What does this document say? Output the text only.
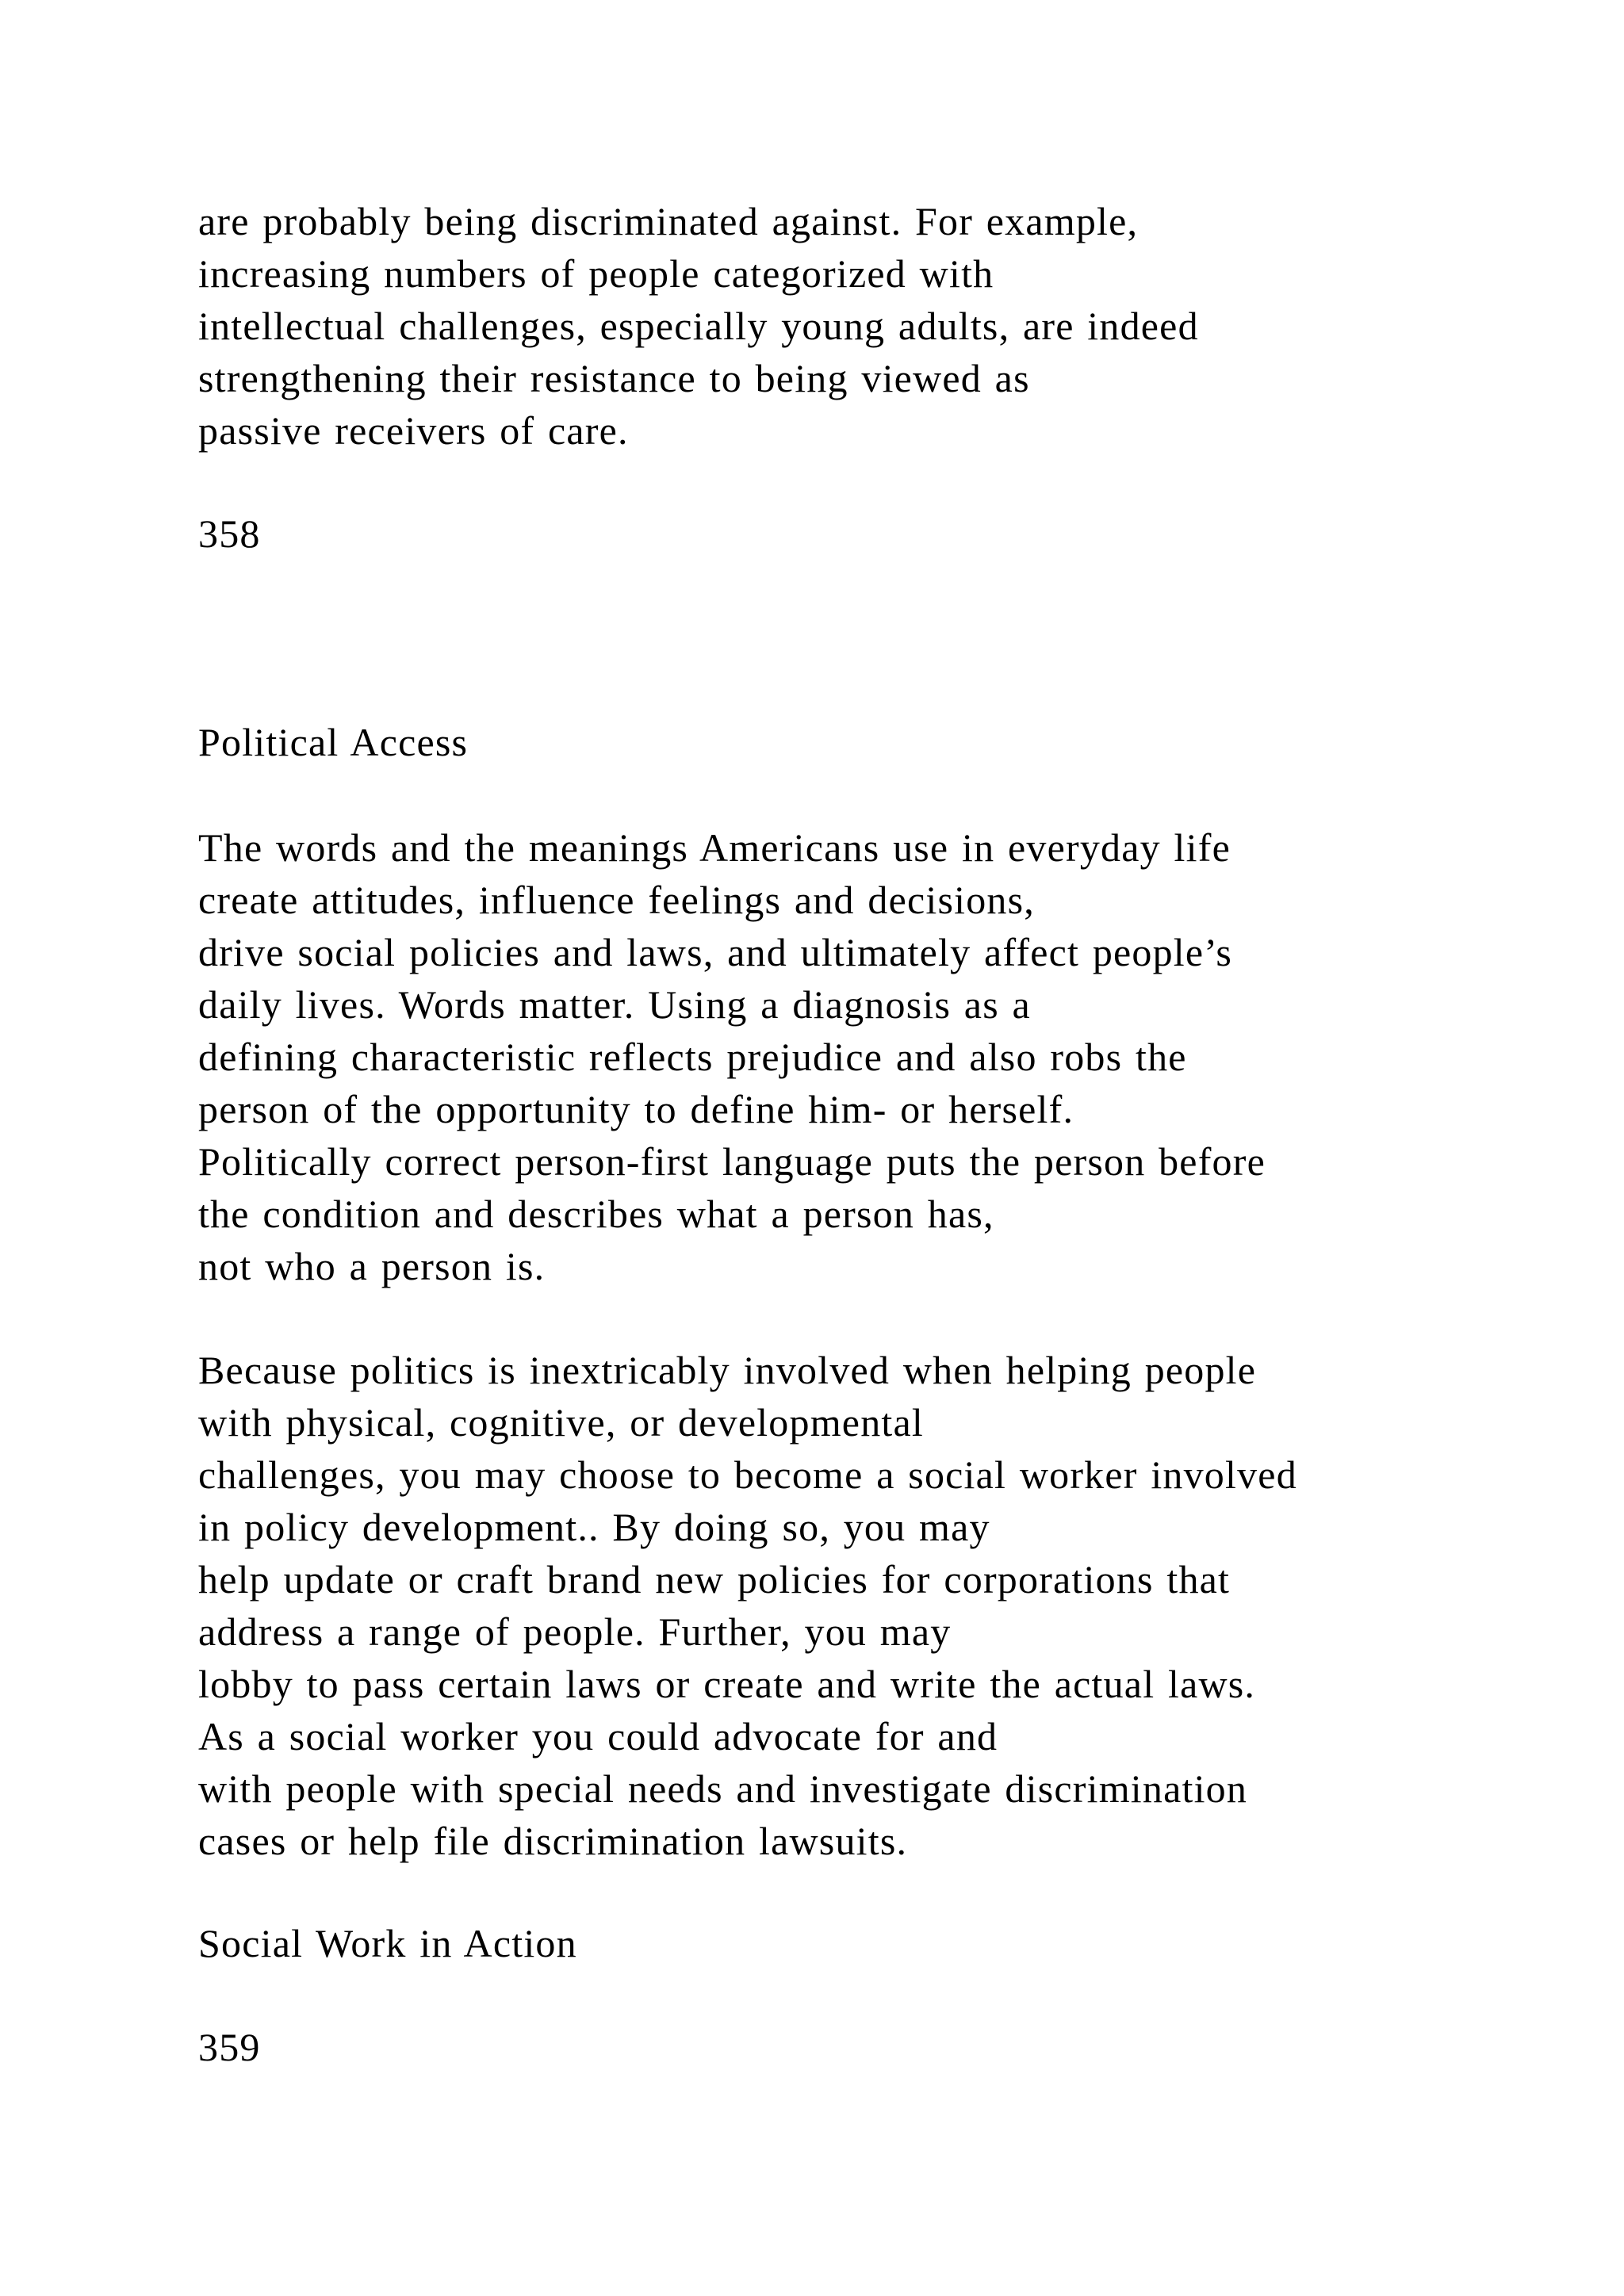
are probably being discriminated against. For example,
increasing numbers of people categorized with
intellectual challenges, especially young adults, are indeed
strengthening their resistance to being viewed as
passive receivers of care.
358
Political Access
The words and the meanings Americans use in everyday life
create attitudes, influence feelings and decisions,
drive social policies and laws, and ultimately affect people’s
daily lives. Words matter. Using a diagnosis as a
defining characteristic reflects prejudice and also robs the
person of the opportunity to define him- or herself.
Politically correct person-first language puts the person before
the condition and describes what a person has,
not who a person is.
Because politics is inextricably involved when helping people
with physical, cognitive, or developmental
challenges, you may choose to become a social worker involved
in policy development.. By doing so, you may
help update or craft brand new policies for corporations that
address a range of people. Further, you may
lobby to pass certain laws or create and write the actual laws.
As a social worker you could advocate for and
with people with special needs and investigate discrimination
cases or help file discrimination lawsuits.
Social Work in Action
359
